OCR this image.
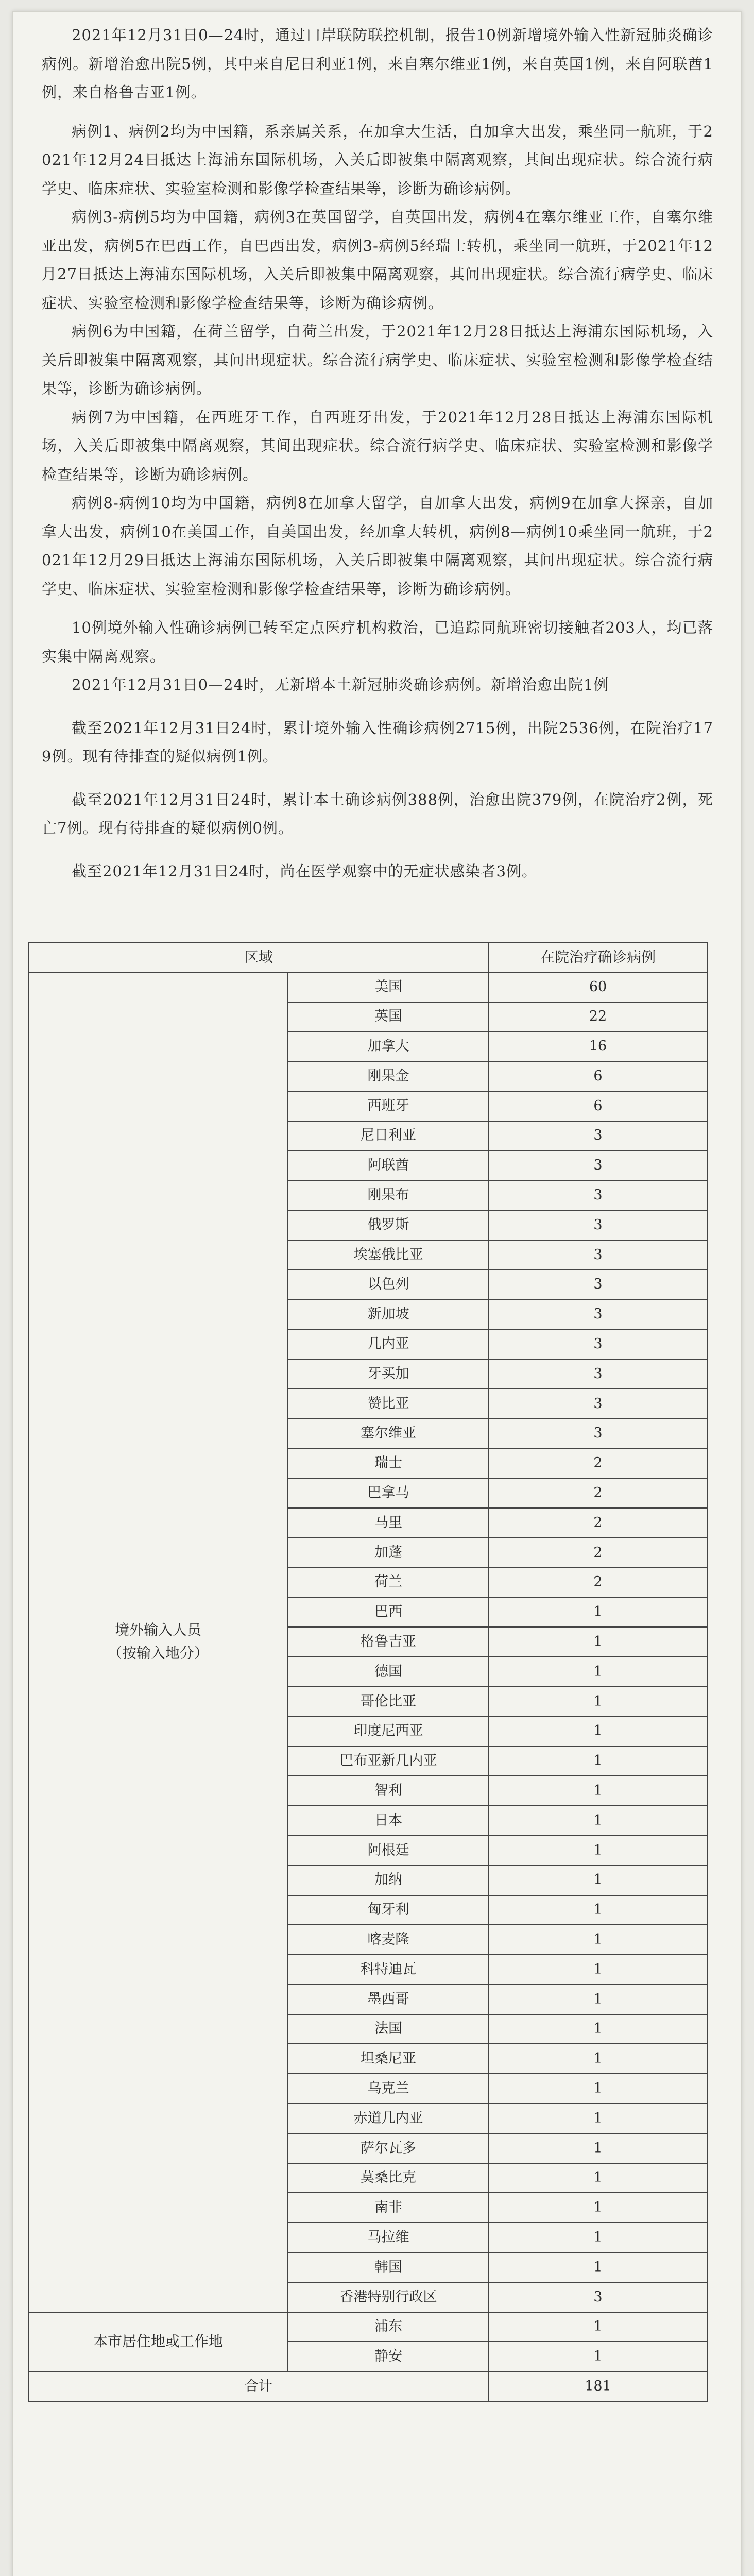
2021年12月31日0—24时，通过口岸联防联控机制，报告10例新增境外输入性新冠肺炎确诊病例。新增治愈出院5例，其中来自尼日利亚1例，来自塞尔维亚1例，来自英国1例，来自阿联酋1例，来自格鲁吉亚1例。

病例1、病例2均为中国籍，系亲属关系，在加拿大生活，自加拿大出发，乘坐同一航班，于2021年12月24日抵达上海浦东国际机场，入关后即被集中隔离观察，其间出现症状。综合流行病学史、临床症状、实验室检测和影像学检查结果等，诊断为确诊病例。

病例3-病例5均为中国籍，病例3在英国留学，自英国出发，病例4在塞尔维亚工作，自塞尔维亚出发，病例5在巴西工作，自巴西出发，病例3-病例5经瑞士转机，乘坐同一航班，于2021年12月27日抵达上海浦东国际机场，入关后即被集中隔离观察，其间出现症状。综合流行病学史、临床症状、实验室检测和影像学检查结果等，诊断为确诊病例。

病例6为中国籍，在荷兰留学，自荷兰出发，于2021年12月28日抵达上海浦东国际机场，入关后即被集中隔离观察，其间出现症状。综合流行病学史、临床症状、实验室检测和影像学检查结果等，诊断为确诊病例。

病例7为中国籍，在西班牙工作，自西班牙出发，于2021年12月28日抵达上海浦东国际机场，入关后即被集中隔离观察，其间出现症状。综合流行病学史、临床症状、实验室检测和影像学检查结果等，诊断为确诊病例。

病例8-病例10均为中国籍，病例8在加拿大留学，自加拿大出发，病例9在加拿大探亲，自加拿大出发，病例10在美国工作，自美国出发，经加拿大转机，病例8—病例10乘坐同一航班，于2021年12月29日抵达上海浦东国际机场，入关后即被集中隔离观察，其间出现症状。综合流行病学史、临床症状、实验室检测和影像学检查结果等，诊断为确诊病例。

10例境外输入性确诊病例已转至定点医疗机构救治，已追踪同航班密切接触者203人，均已落实集中隔离观察。

2021年12月31日0—24时，无新增本土新冠肺炎确诊病例。新增治愈出院1例

截至2021年12月31日24时，累计境外输入性确诊病例2715例，出院2536例，在院治疗179例。现有待排查的疑似病例1例。

截至2021年12月31日24时，累计本土确诊病例388例，治愈出院379例，在院治疗2例，死亡7例。现有待排查的疑似病例0例。

截至2021年12月31日24时，尚在医学观察中的无症状感染者3例。

区域		在院治疗确诊病例

境外输入人员
（按输入地分）	美国	60
	英国	22
	加拿大	16
	刚果金	6
	西班牙	6
	尼日利亚	3
	阿联酋	3
	刚果布	3
	俄罗斯	3
	埃塞俄比亚	3
	以色列	3
	新加坡	3
	几内亚	3
	牙买加	3
	赞比亚	3
	塞尔维亚	3
	瑞士	2
	巴拿马	2
	马里	2
	加蓬	2
	荷兰	2
	巴西	1
	格鲁吉亚	1
	德国	1
	哥伦比亚	1
	印度尼西亚	1
	巴布亚新几内亚	1
	智利	1
	日本	1
	阿根廷	1
	加纳	1
	匈牙利	1
	喀麦隆	1
	科特迪瓦	1
	墨西哥	1
	法国	1
	坦桑尼亚	1
	乌克兰	1
	赤道几内亚	1
	萨尔瓦多	1
	莫桑比克	1
	南非	1
	马拉维	1
	韩国	1
	香港特别行政区	3
本市居住地或工作地	浦东	1
	静安	1
合计		181
